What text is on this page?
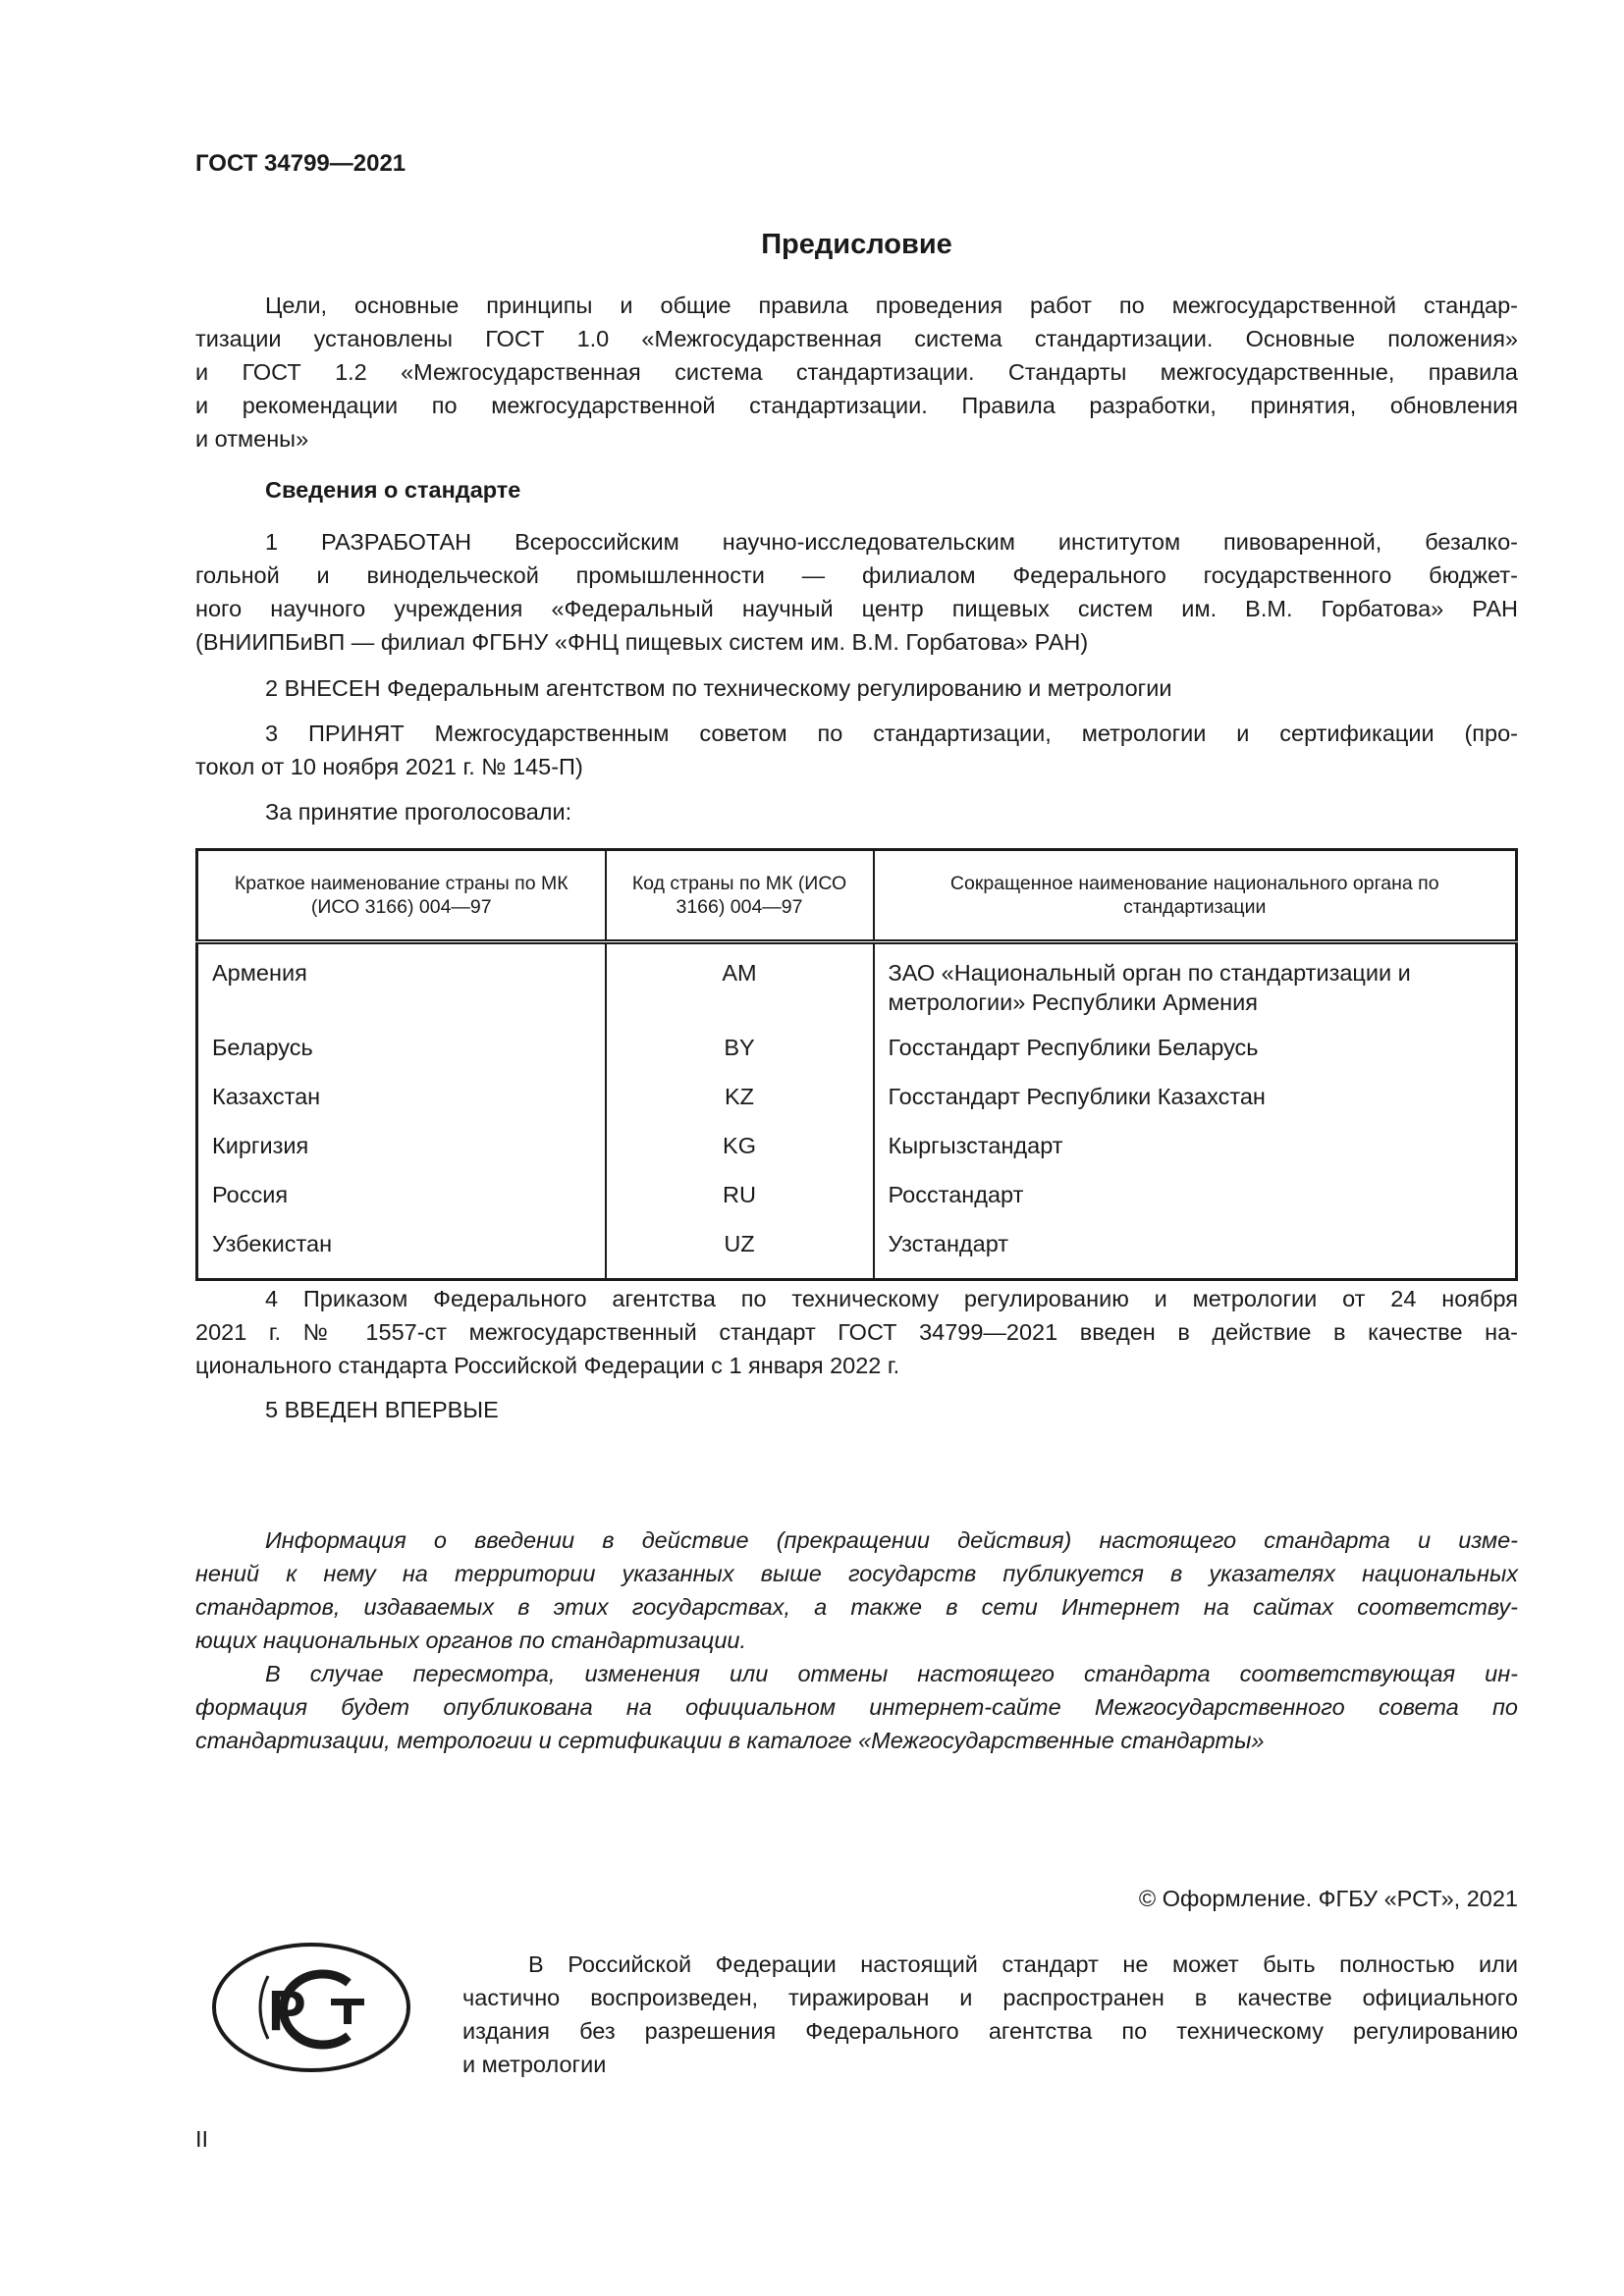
ГОСТ 34799—2021
Предисловие
Цели, основные принципы и общие правила проведения работ по межгосударственной стандар-
тизации установлены ГОСТ 1.0 «Межгосударственная система стандартизации. Основные положения»
и ГОСТ 1.2 «Межгосударственная система стандартизации. Стандарты межгосударственные, правила
и рекомендации по межгосударственной стандартизации. Правила разработки, принятия, обновления
и отмены»
Сведения о стандарте
1 РАЗРАБОТАН Всероссийским научно-исследовательским институтом пивоваренной, безалко-
гольной и винодельческой промышленности — филиалом Федерального государственного бюджет-
ного научного учреждения «Федеральный научный центр пищевых систем им. В.М. Горбатова» РАН
(ВНИИПБиВП — филиал ФГБНУ «ФНЦ пищевых систем им. В.М. Горбатова» РАН)
2 ВНЕСЕН Федеральным агентством по техническому регулированию и метрологии
3 ПРИНЯТ Межгосударственным советом по стандартизации, метрологии и сертификации (про-
токол от 10 ноября 2021 г. № 145-П)
За принятие проголосовали:
Краткое наименование страны по МК (ИСО 3166) 004—97	Код страны по МК (ИСО 3166) 004—97	Сокращенное наименование национального органа по стандартизации
Армения	AM	ЗАО «Национальный орган по стандартизации и метрологии» Республики Армения
Беларусь	BY	Госстандарт Республики Беларусь
Казахстан	KZ	Госстандарт Республики Казахстан
Киргизия	KG	Кыргызстандарт
Россия	RU	Росстандарт
Узбекистан	UZ	Узстандарт
4 Приказом Федерального агентства по техническому регулированию и метрологии от 24 ноября
2021 г. № 1557-ст межгосударственный стандарт ГОСТ 34799—2021 введен в действие в качестве на-
ционального стандарта Российской Федерации с 1 января 2022 г.
5 ВВЕДЕН ВПЕРВЫЕ
Информация о введении в действие (прекращении действия) настоящего стандарта и изме-
нений к нему на территории указанных выше государств публикуется в указателях национальных
стандартов, издаваемых в этих государствах, а также в сети Интернет на сайтах соответству-
ющих национальных органов по стандартизации.
В случае пересмотра, изменения или отмены настоящего стандарта соответствующая ин-
формация будет опубликована на официальном интернет-сайте Межгосударственного совета по
стандартизации, метрологии и сертификации в каталоге «Межгосударственные стандарты»
© Оформление. ФГБУ «РСТ», 2021
P
В Российской Федерации настоящий стандарт не может быть полностью или
частично воспроизведен, тиражирован и распространен в качестве официального
издания без разрешения Федерального агентства по техническому регулированию
и метрологии
II
